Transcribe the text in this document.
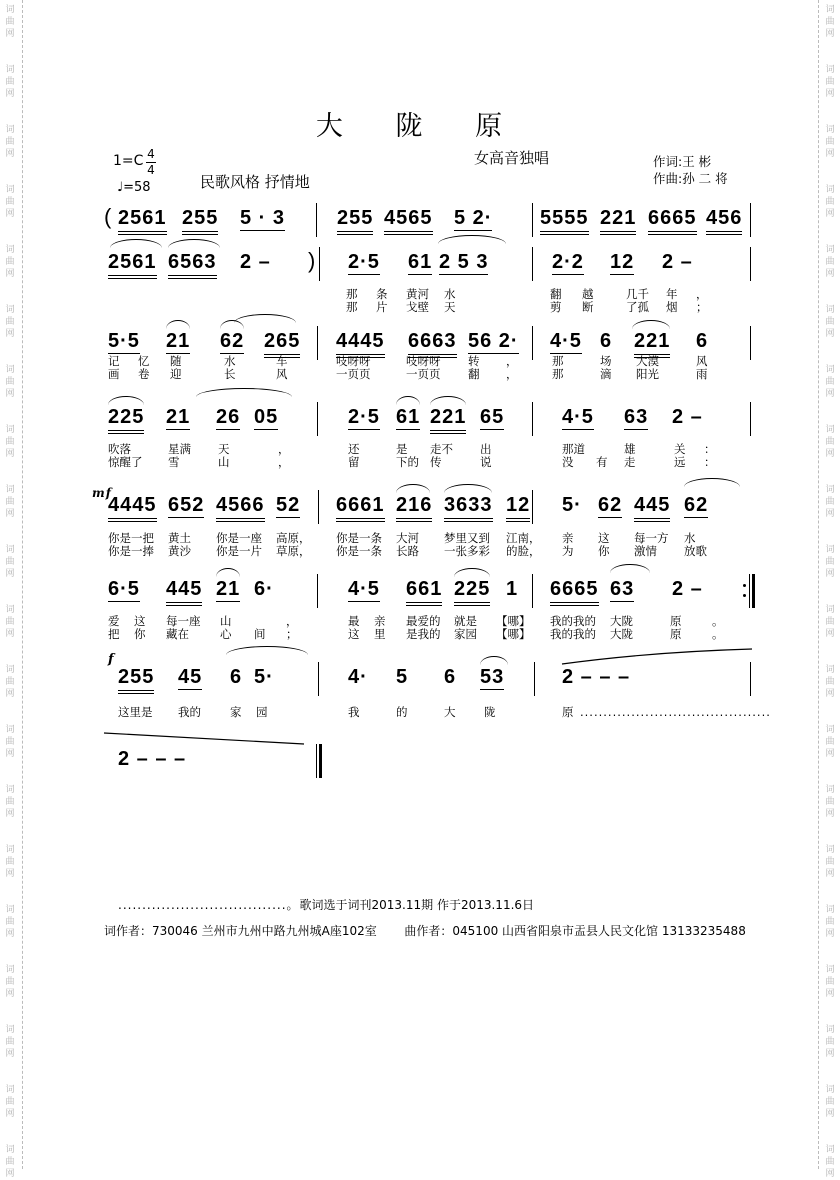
词
曲
网
词
曲
网
词
曲
网
词
曲
网
词
曲
网
词
曲
网
词
曲
网
词
曲
网
词
曲
网
词
曲
网
词
曲
网
词
曲
网
词
曲
网
词
曲
网
词
曲
网
词
曲
网
词
曲
网
词
曲
网
词
曲
网
词
曲
网
词
曲
网
词
曲
网
词
曲
网
词
曲
网
词
曲
网
词
曲
网
词
曲
网
词
曲
网
词
曲
网
词
曲
网
词
曲
网
词
曲
网
词
曲
网
词
曲
网
词
曲
网
词
曲
网
词
曲
网
词
曲
网
词
曲
网
词
曲
网
大 陇 原
1=C 4
4
♩=58	民歌风格 抒情地
女高音独唱	作词:王 彬
作曲:孙 二 将
( 2561 255 5 · 3	255 4565 5 2· 5555 221 6665 456
2561 6563 2 – ) 2·5 61 2 5 3	2·2 12 2 –
那 条 黄河 水	翻 越	几千 年 ，
那 片 戈壁 天	剪 断	了孤 烟 ；
5·5 21 62 265 4445 6663 56 2· 4·5 6 221 6
记 忆 随	水	车	吱呀呀	吱呀呀 转 ，	那	场 大漠	风
画 卷 迎	长	风	一页页	一页页 翻 ，	那	滴 阳光	雨
225 21 26 05	2·5 61 221 65	4·5 63 2 –
吹落	星满 天	，	还	是 走不 出	那道	雄	关 ：
惊醒了 雪	山	，	留	下的 传	说	没 有 走	远 ：
mf
4445 652 4566 52 6661 216 3633 12 5· 62 445 62
你是一把 黄土 你是一座 高原， 你是一条 大河 梦里又到 江南， 亲 这 每一方 水
你是一捧 黄沙 你是一片 草原， 你是一条 长路 一张多彩 的脸， 为 你 激情 放歌
6·5 445 21 6·	4·5 661 225 1 6665 63 2 –
爱 这 每一座 山	，	最 亲 最爱的 就是 【哪】 我的我的 大陇	原	。
把 你 藏在	心 间 ；	这 里 是我的 家园 【哪】 我的我的 大陇	原	。
f
255 45 6 5·	4· 5 6 53	2 – – –
这里是 我的	家 园	我	的	大 陇	原 .........................................
2 – – –
...................................。歌词选于词刊2013.11期 作于2013.11.6日
词作者：730046 兰州市九州中路九州城A座102室 曲作者：045100 山西省阳泉市盂县人民文化馆 13133235488
